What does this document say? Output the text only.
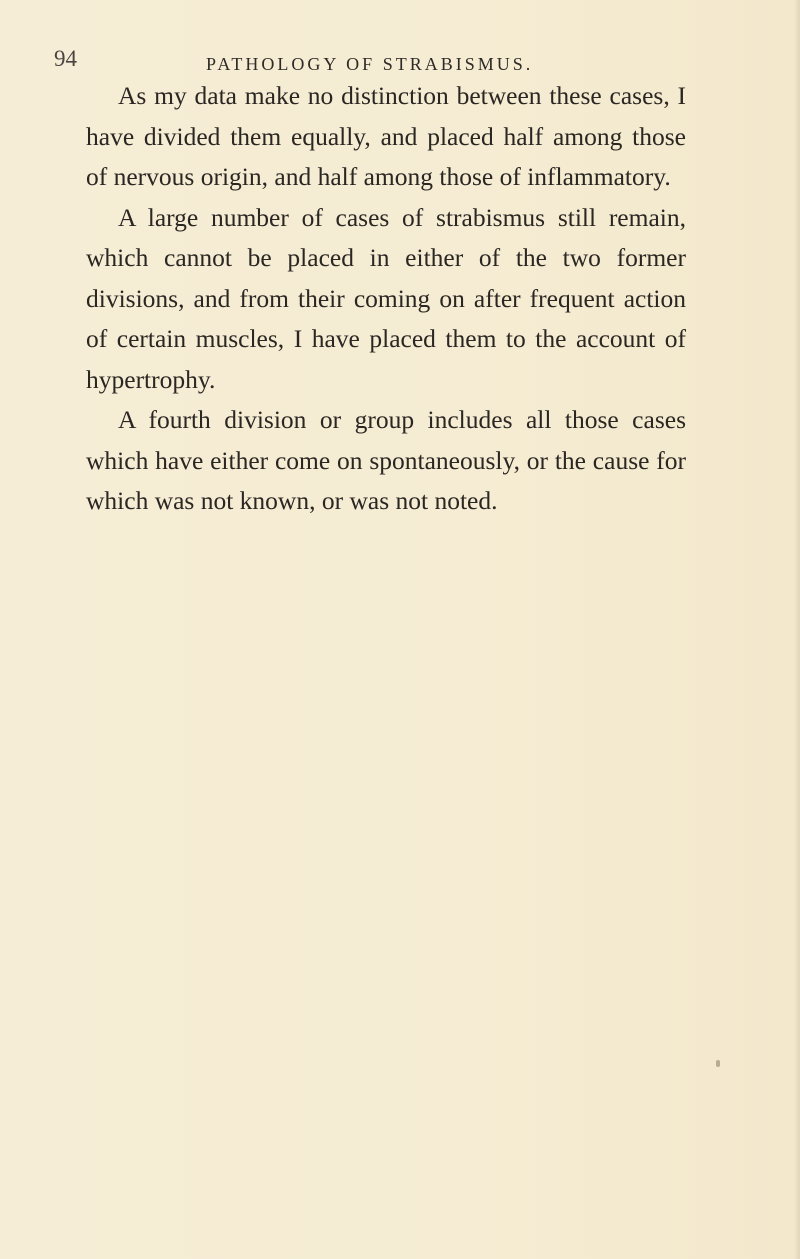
94	PATHOLOGY OF STRABISMUS.

As my data make no distinction between these cases, I have divided them equally, and placed half among those of nervous origin, and half among those of inflammatory.

A large number of cases of strabismus still remain, which cannot be placed in either of the two former divisions, and from their coming on after frequent action of certain muscles, I have placed them to the account of hypertrophy.

A fourth division or group includes all those cases which have either come on spontaneously, or the cause for which was not known, or was not noted.
